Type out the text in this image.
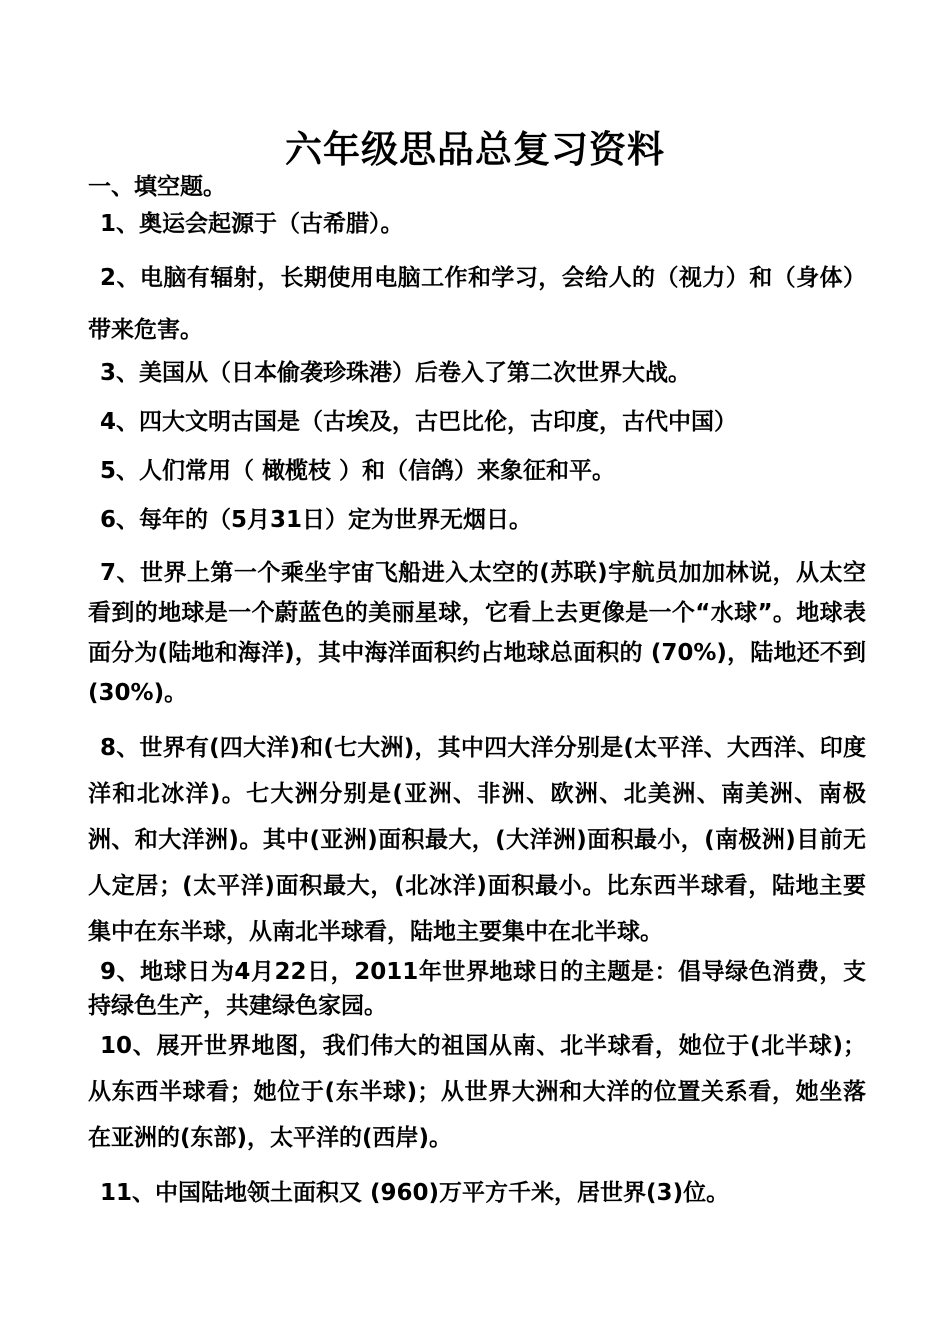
六年级思品总复习资料
一、填空题。

1、奥运会起源于（古希腊）。

2、电脑有辐射，长期使用电脑工作和学习，会给人的（视力）和（身体）带来危害。

3、美国从（日本偷袭珍珠港）后卷入了第二次世界大战。

4、四大文明古国是（古埃及，古巴比伦，古印度，古代中国）

5、人们常用（ 橄榄枝 ）和（信鸽）来象征和平。

6、每年的（5月31日）定为世界无烟日。

7、世界上第一个乘坐宇宙飞船进入太空的(苏联)宇航员加加林说，从太空看到的地球是一个蔚蓝色的美丽星球，它看上去更像是一个“水球”。地球表面分为(陆地和海洋)，其中海洋面积约占地球总面积的 (70%)，陆地还不到(30%)。

8、世界有(四大洋)和(七大洲)，其中四大洋分别是(太平洋、大西洋、印度洋和北冰洋)。七大洲分别是(亚洲、非洲、欧洲、北美洲、南美洲、南极洲、和大洋洲)。其中(亚洲)面积最大，(大洋洲)面积最小，(南极洲)目前无人定居；(太平洋)面积最大，(北冰洋)面积最小。比东西半球看，陆地主要集中在东半球，从南北半球看，陆地主要集中在北半球。

9、地球日为4月22日，2011年世界地球日的主题是：倡导绿色消费，支持绿色生产，共建绿色家园。

10、展开世界地图，我们伟大的祖国从南、北半球看，她位于(北半球)；从东西半球看；她位于(东半球)；从世界大洲和大洋的位置关系看，她坐落在亚洲的(东部)，太平洋的(西岸)。

11、中国陆地领土面积又 (960)万平方千米，居世界(3)位。
